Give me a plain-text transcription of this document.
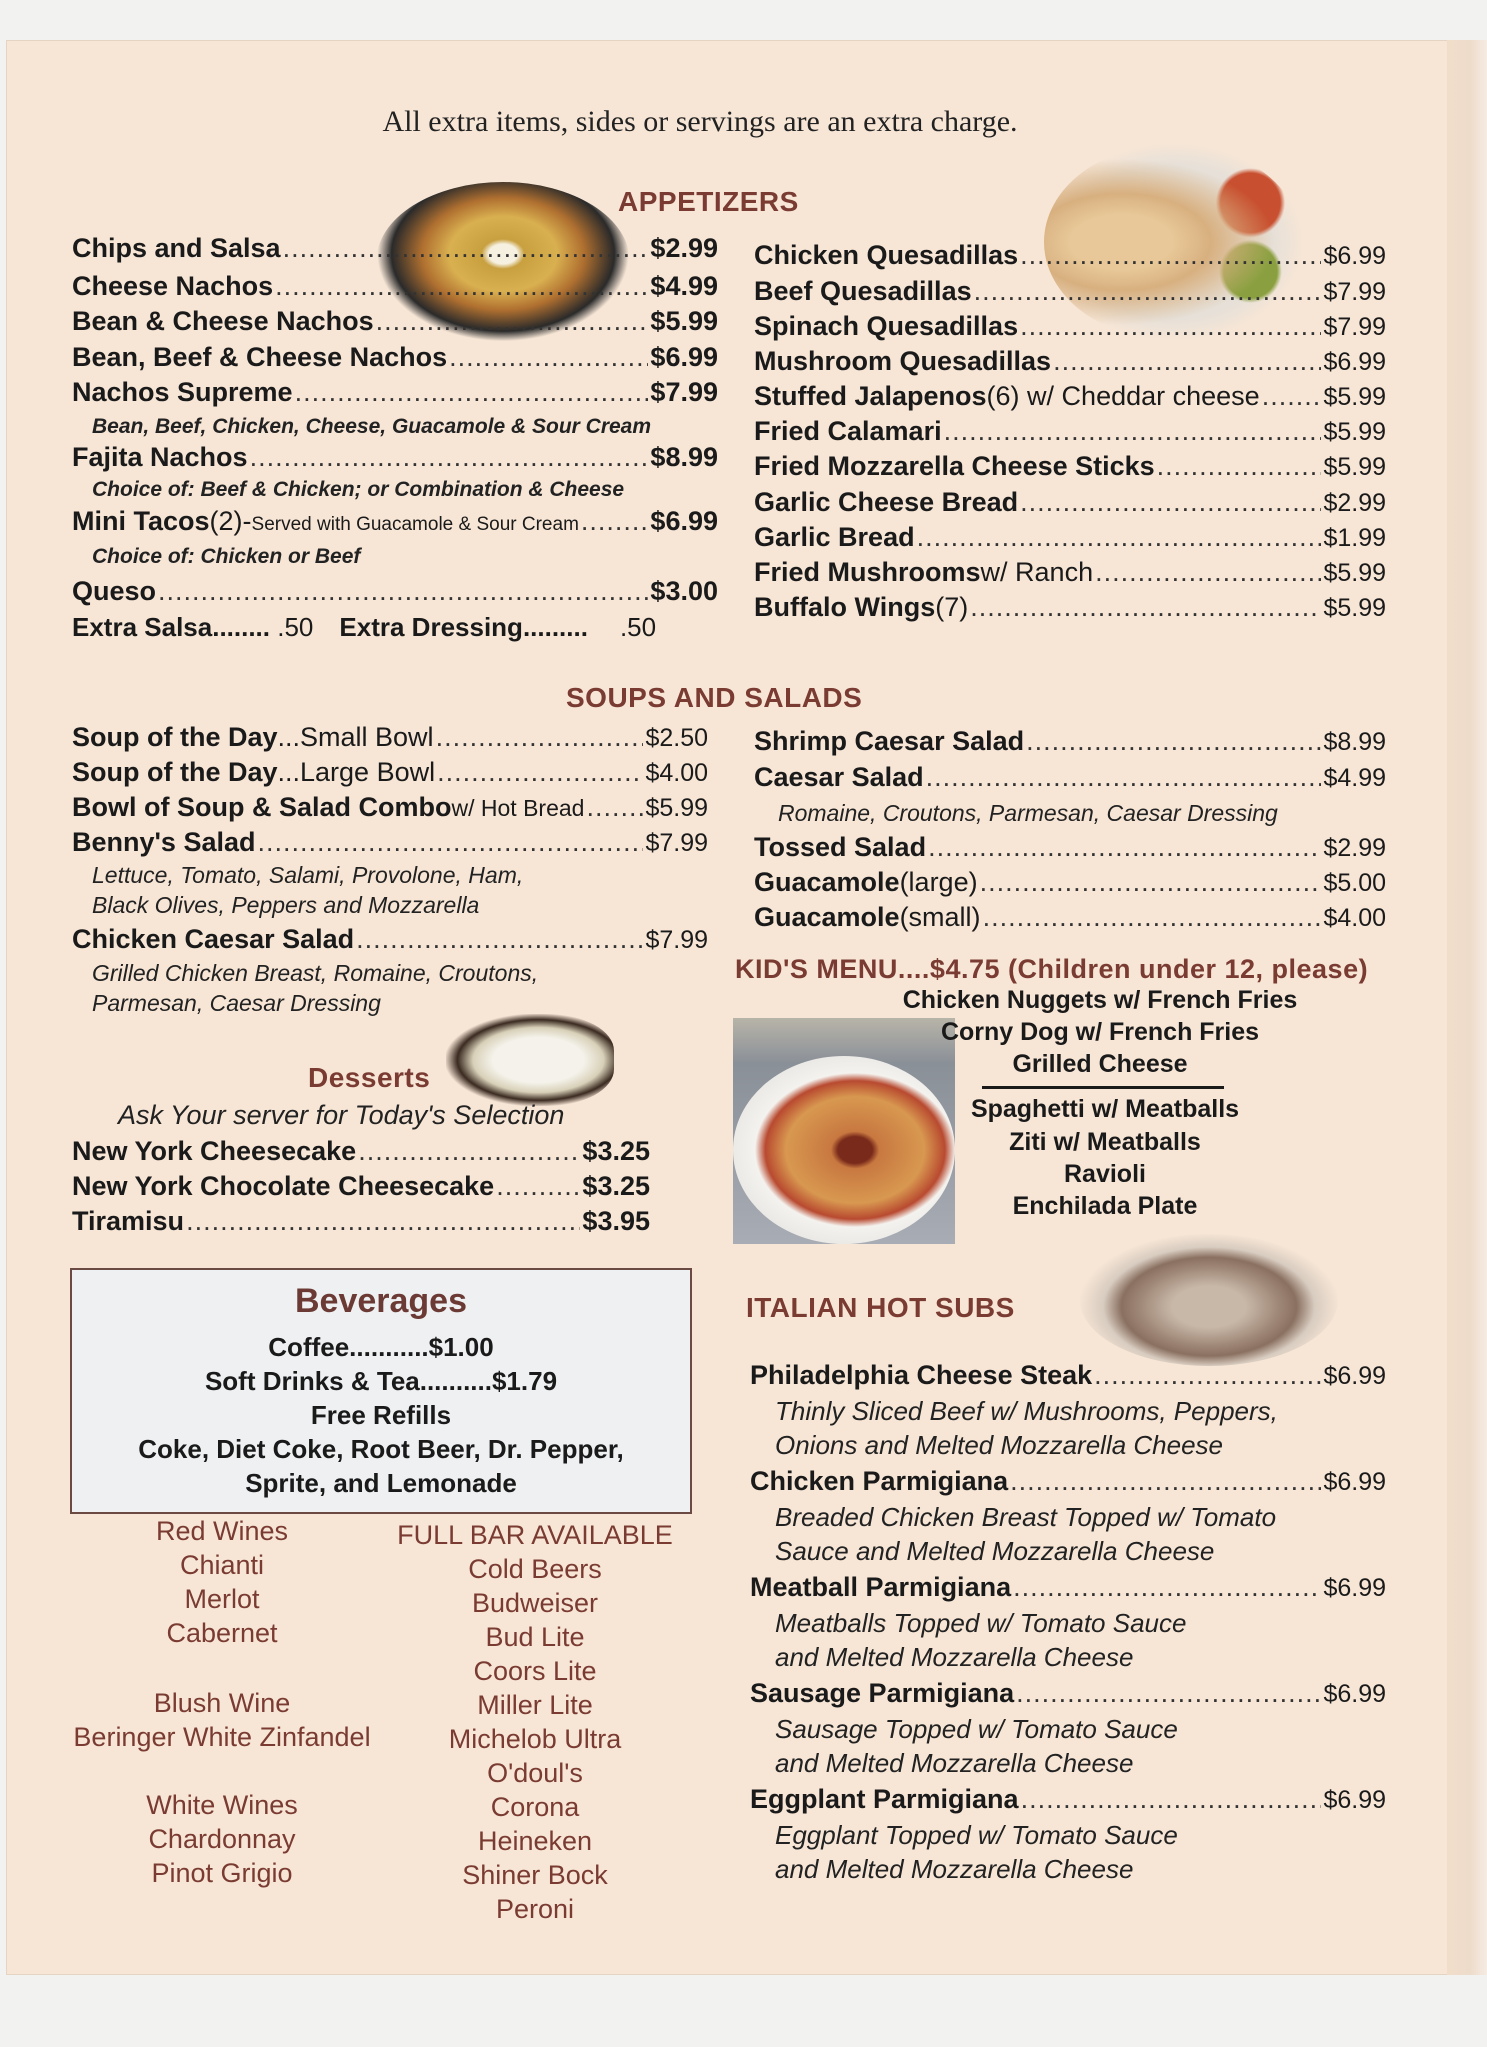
All extra items, sides or servings are an extra charge.
APPETIZERS
Chips and Salsa .....	$2.99
Cheese Nachos .....	$4.99
Bean & Cheese Nachos .....	$5.99
Bean, Beef & Cheese Nachos .....	$6.99
Nachos Supreme .....	$7.99
Bean, Beef, Chicken, Cheese, Guacamole & Sour Cream
Fajita Nachos .....	$8.99
Choice of: Beef & Chicken; or Combination & Cheese
Mini Tacos (2)- Served with Guacamole & Sour Cream .....	$6.99
Choice of: Chicken or Beef
Queso .....	$3.00
Extra Salsa........ .50 Extra Dressing......... .50
Chicken Quesadillas .....	$6.99
Beef Quesadillas .....	$7.99
Spinach Quesadillas .....	$7.99
Mushroom Quesadillas .....	$6.99
Stuffed Jalapenos (6) w/ Cheddar cheese .....	$5.99
Fried Calamari .....	$5.99
Fried Mozzarella Cheese Sticks .....	$5.99
Garlic Cheese Bread .....	$2.99
Garlic Bread .....	$1.99
Fried Mushrooms w/ Ranch .....	$5.99
Buffalo Wings (7) .....	$5.99
SOUPS AND SALADS
Soup of the Day ...Small Bowl .....	$2.50
Soup of the Day ...Large Bowl .....	$4.00
Bowl of Soup & Salad Combo w/ Hot Bread ..... $5.99
Benny's Salad .....	$7.99
Lettuce, Tomato, Salami, Provolone, Ham,
Black Olives, Peppers and Mozzarella
Chicken Caesar Salad .....	$7.99
Grilled Chicken Breast, Romaine, Croutons,
Parmesan, Caesar Dressing
Shrimp Caesar Salad .....	$8.99
Caesar Salad .....	$4.99
Romaine, Croutons, Parmesan, Caesar Dressing
Tossed Salad .....	$2.99
Guacamole (large) .....	$5.00
Guacamole (small) .....	$4.00
KID'S MENU....$4.75 (Children under 12, please)
Chicken Nuggets w/ French Fries
Corny Dog w/ French Fries
Grilled Cheese
Spaghetti w/ Meatballs
Ziti w/ Meatballs
Ravioli
Enchilada Plate
Desserts
Ask Your server for Today's Selection
New York Cheesecake .....	$3.25
New York Chocolate Cheesecake .....	$3.25
Tiramisu .....	$3.95
Beverages
Coffee...........$1.00
Soft Drinks & Tea..........$1.79
Free Refills
Coke, Diet Coke, Root Beer, Dr. Pepper,
Sprite, and Lemonade
Red Wines
Chianti
Merlot
Cabernet
Blush Wine
Beringer White Zinfandel
White Wines
Chardonnay
Pinot Grigio
FULL BAR AVAILABLE
Cold Beers
Budweiser
Bud Lite
Coors Lite
Miller Lite
Michelob Ultra
O'doul's
Corona
Heineken
Shiner Bock
Peroni
ITALIAN HOT SUBS
Philadelphia Cheese Steak .....	$6.99
Thinly Sliced Beef w/ Mushrooms, Peppers,
Onions and Melted Mozzarella Cheese
Chicken Parmigiana .....	$6.99
Breaded Chicken Breast Topped w/ Tomato
Sauce and Melted Mozzarella Cheese
Meatball Parmigiana .....	$6.99
Meatballs Topped w/ Tomato Sauce
and Melted Mozzarella Cheese
Sausage Parmigiana .....	$6.99
Sausage Topped w/ Tomato Sauce
and Melted Mozzarella Cheese
Eggplant Parmigiana .....	$6.99
Eggplant Topped w/ Tomato Sauce
and Melted Mozzarella Cheese
